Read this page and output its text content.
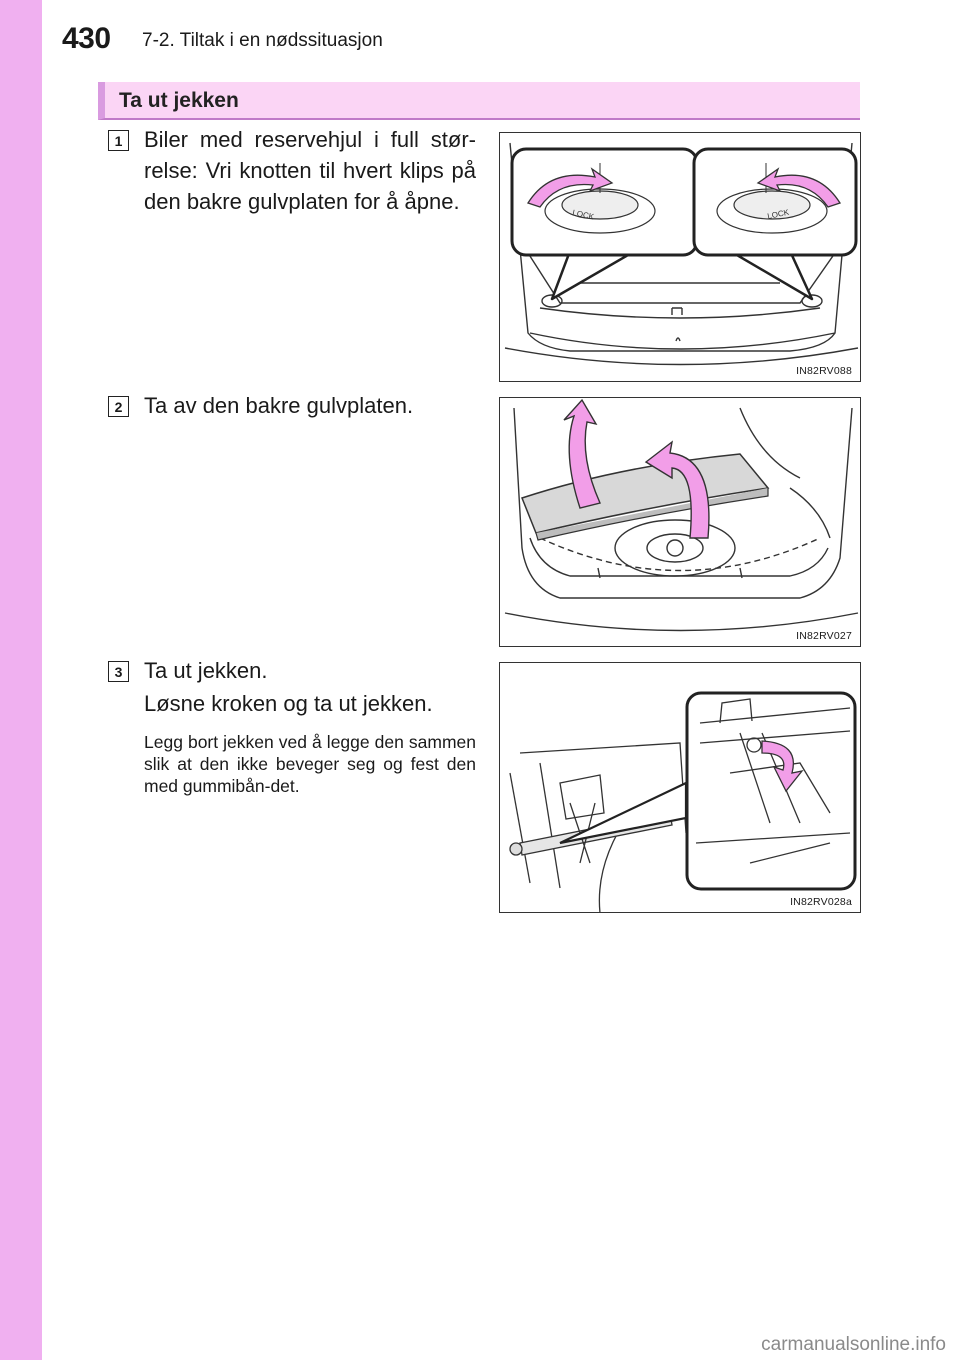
430 7-2. Tiltak i en nødssituasjon
Ta ut jekken
1 Biler med reservehjul i full stør-relse: Vri knotten til hvert klips på den bakre gulvplaten for å åpne.
LOCK	LOCK
IN82RV088
2 Ta av den bakre gulvplaten.
IN82RV027
3 Ta ut jekken.
Løsne kroken og ta ut jekken.
Legg bort jekken ved å legge den sammen slik at den ikke beveger seg og fest den med gummibån-det.
IN82RV028a
carmanualsonline.info
